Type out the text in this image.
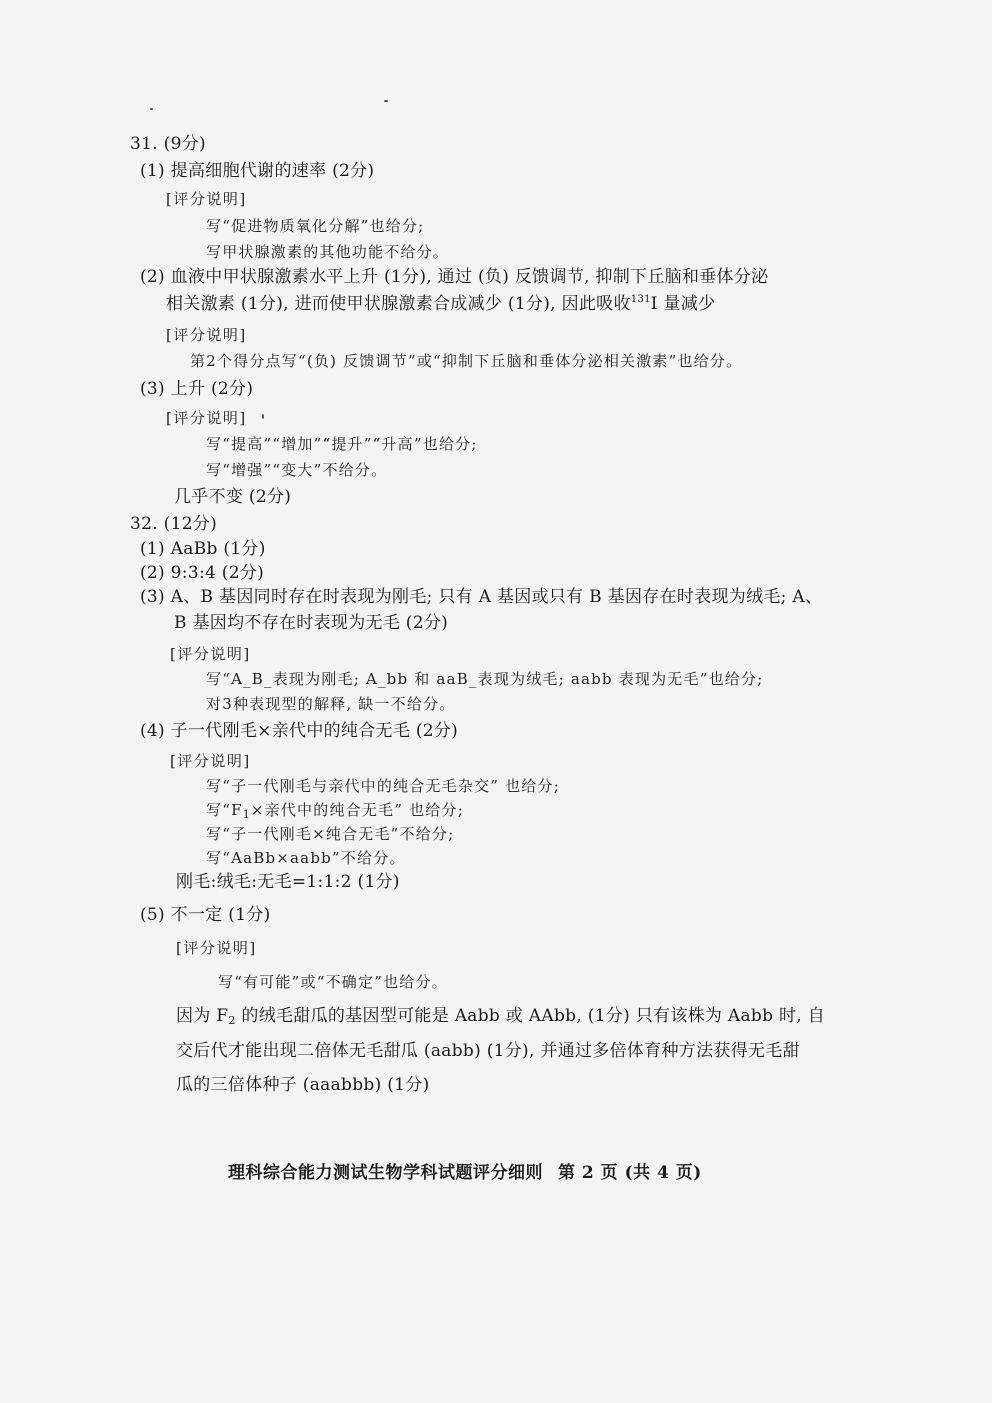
31. (9分)
(1) 提高细胞代谢的速率 (2分)
[评分说明]
写“促进物质氧化分解”也给分;
写甲状腺激素的其他功能不给分。
(2) 血液中甲状腺激素水平上升 (1分), 通过 (负) 反馈调节, 抑制下丘脑和垂体分泌
相关激素 (1分), 进而使甲状腺激素合成减少 (1分), 因此吸收$^{131}$I 量减少
[评分说明]
第2个得分点写“(负) 反馈调节”或“抑制下丘脑和垂体分泌相关激素”也给分。
(3) 上升 (2分)
[评分说明]
写“提高”“增加”“提升”“升高”也给分;
写“增强”“变大”不给分。
几乎不变 (2分)
32. (12分)
(1) AaBb (1分)
(2) 9:3:4 (2分)
(3) A、B 基因同时存在时表现为刚毛; 只有 A 基因或只有 B 基因存在时表现为绒毛; A、
B 基因均不存在时表现为无毛 (2分)
[评分说明]
写“A_B_表现为刚毛; A_bb 和 aaB_表现为绒毛; aabb 表现为无毛”也给分;
对3种表现型的解释, 缺一不给分。
(4) 子一代刚毛×亲代中的纯合无毛 (2分)
[评分说明]
写“子一代刚毛与亲代中的纯合无毛杂交” 也给分;
写“$F_1\times$亲代中的纯合无毛” 也给分;
写“子一代刚毛×纯合无毛”不给分;
写“AaBb×aabb”不给分。
刚毛:绒毛:无毛=1:1:2 (1分)
(5) 不一定 (1分)
[评分说明]
写“有可能”或“不确定”也给分。
因为 $F_2$ 的绒毛甜瓜的基因型可能是 Aabb 或 AAbb, (1分) 只有该株为 Aabb 时, 自
交后代才能出现二倍体无毛甜瓜 (aabb) (1分), 并通过多倍体育种方法获得无毛甜
瓜的三倍体种子 (aaabbb) (1分)
理科综合能力测试生物学科试题评分细则 第 2 页 (共 4 页)
